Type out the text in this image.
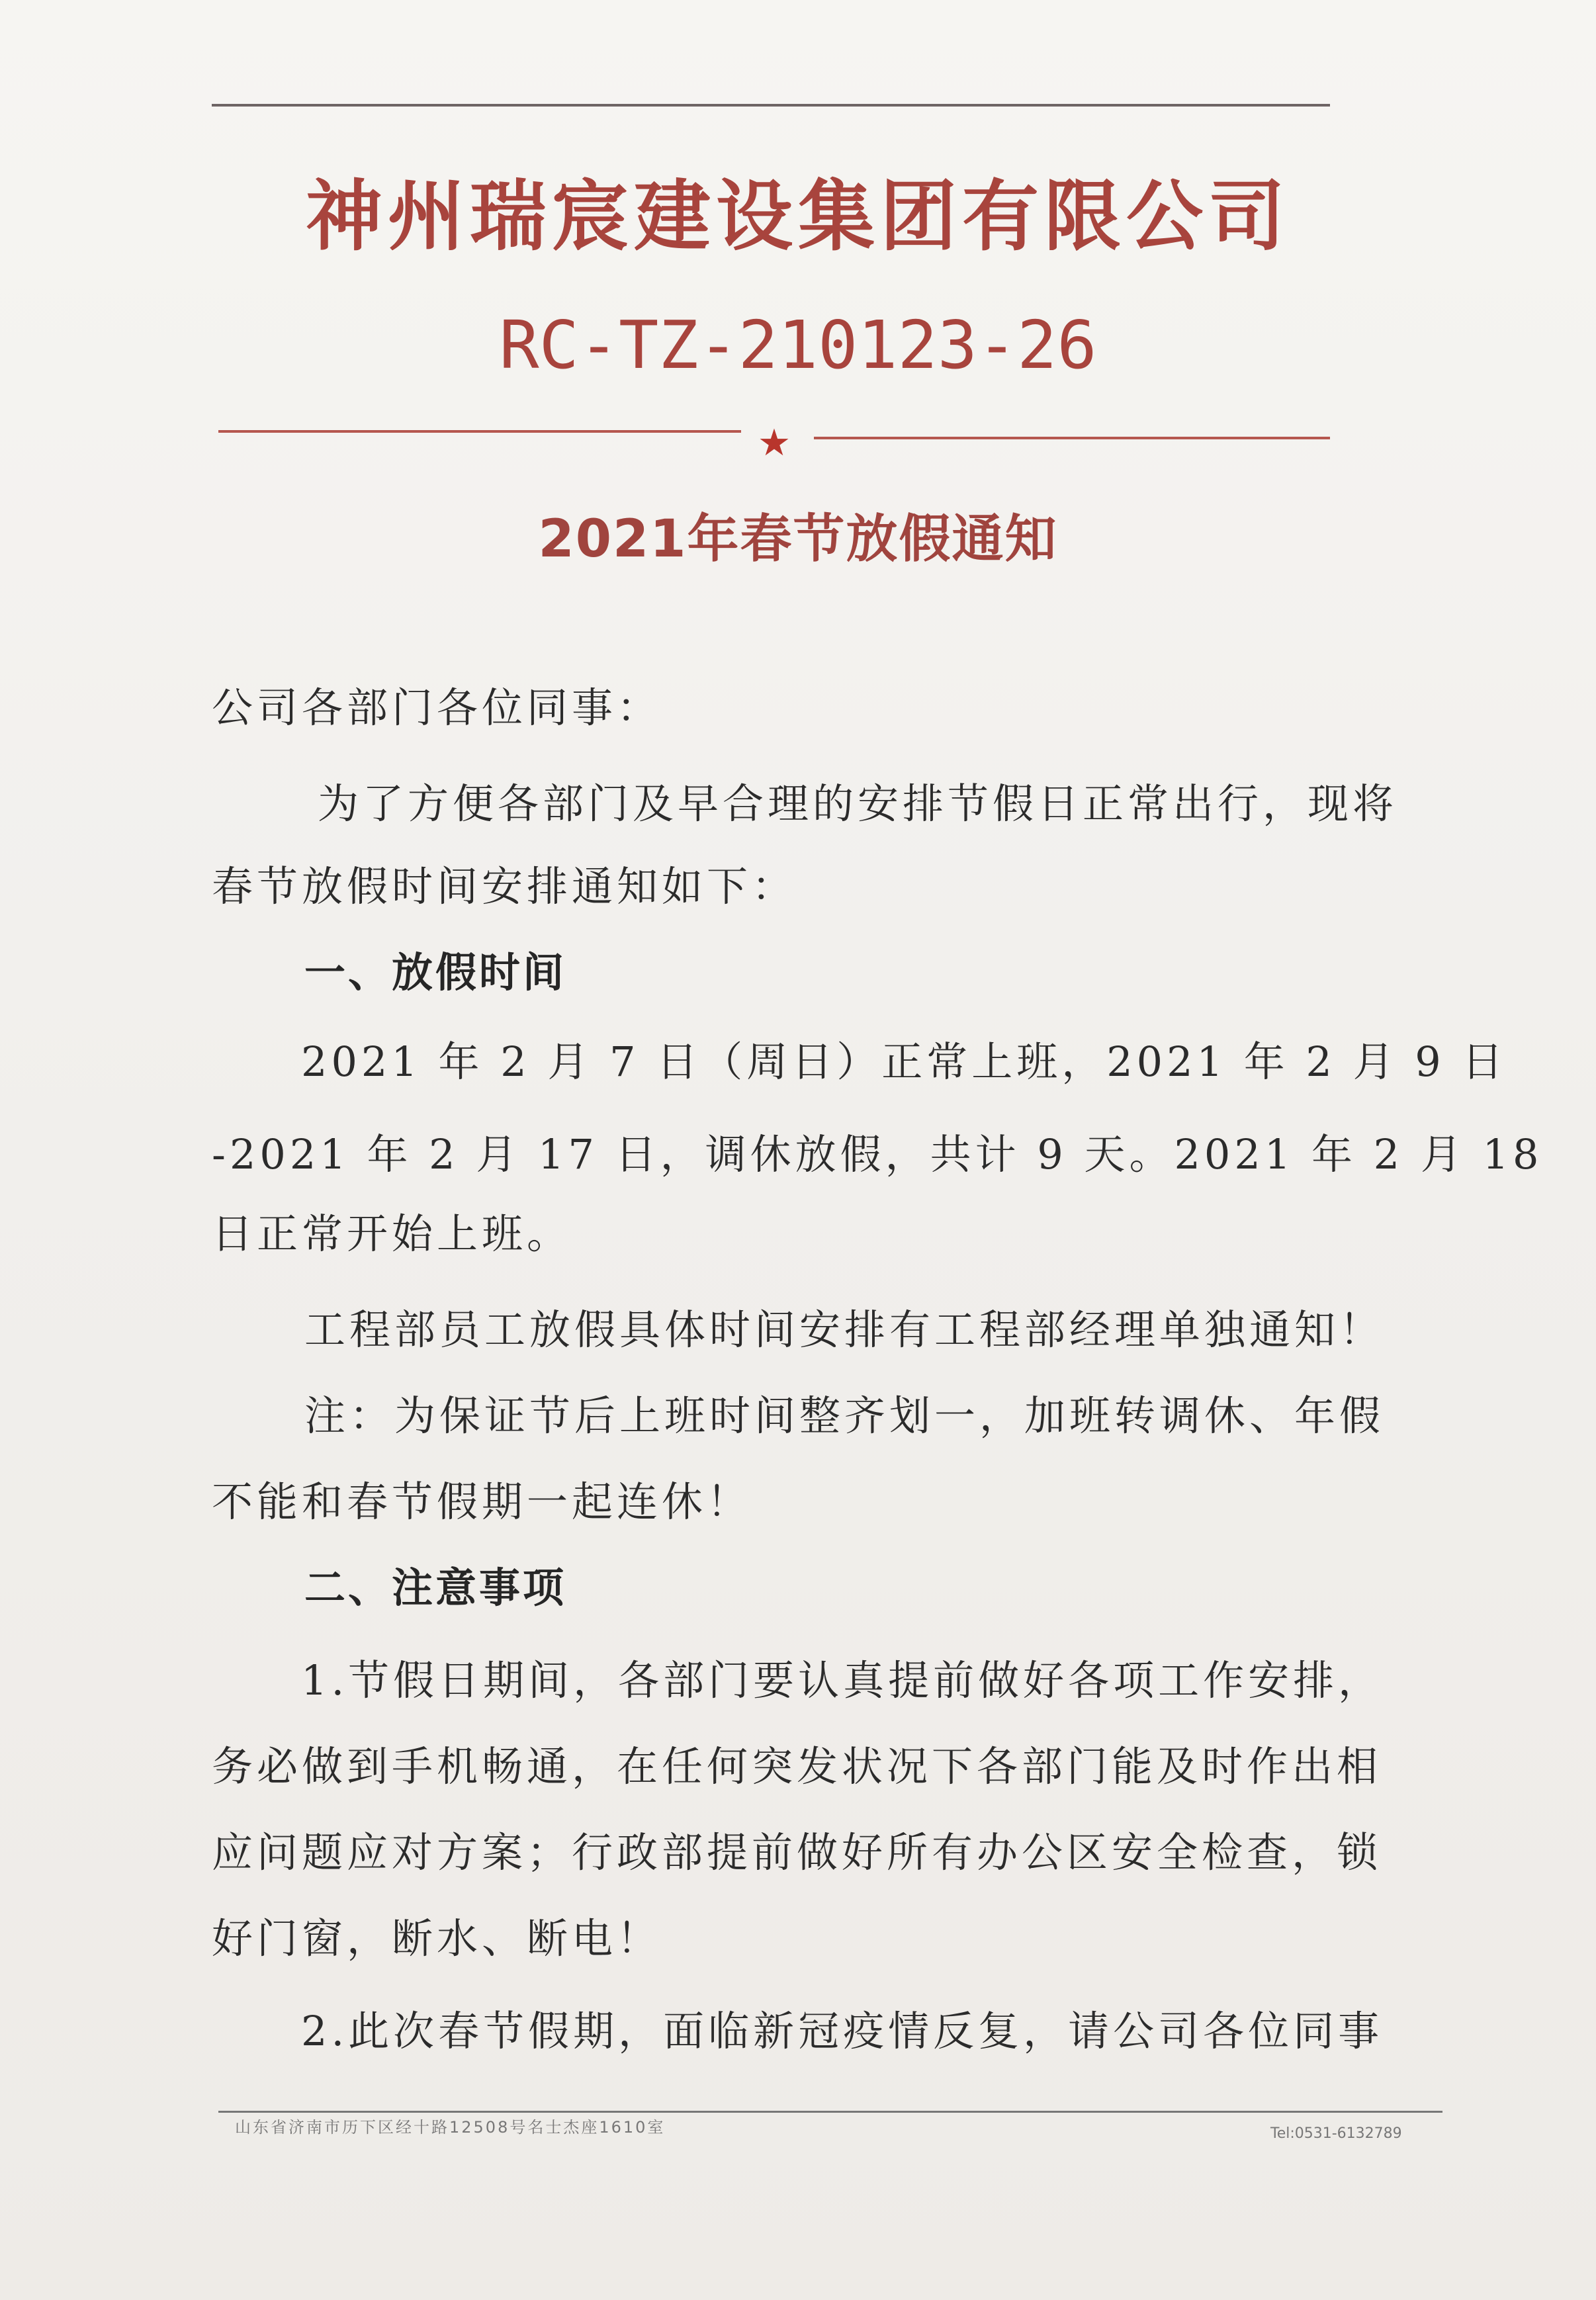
神州瑞宸建设集团有限公司
RC-TZ-210123-26
★
2021年春节放假通知
公司各部门各位同事：
为了方便各部门及早合理的安排节假日正常出行，现将
春节放假时间安排通知如下：
一、放假时间
2021 年 2 月 7 日（周日）正常上班，2021 年 2 月 9 日
-2021 年 2 月 17 日，调休放假，共计 9 天。2021 年 2 月 18
日正常开始上班。
工程部员工放假具体时间安排有工程部经理单独通知！
注：为保证节后上班时间整齐划一，加班转调休、年假
不能和春节假期一起连休！
二、注意事项
1.节假日期间，各部门要认真提前做好各项工作安排，
务必做到手机畅通，在任何突发状况下各部门能及时作出相
应问题应对方案；行政部提前做好所有办公区安全检查，锁
好门窗，断水、断电！
2.此次春节假期，面临新冠疫情反复，请公司各位同事
山东省济南市历下区经十路12508号名士杰座1610室	Tel:0531-6132789
